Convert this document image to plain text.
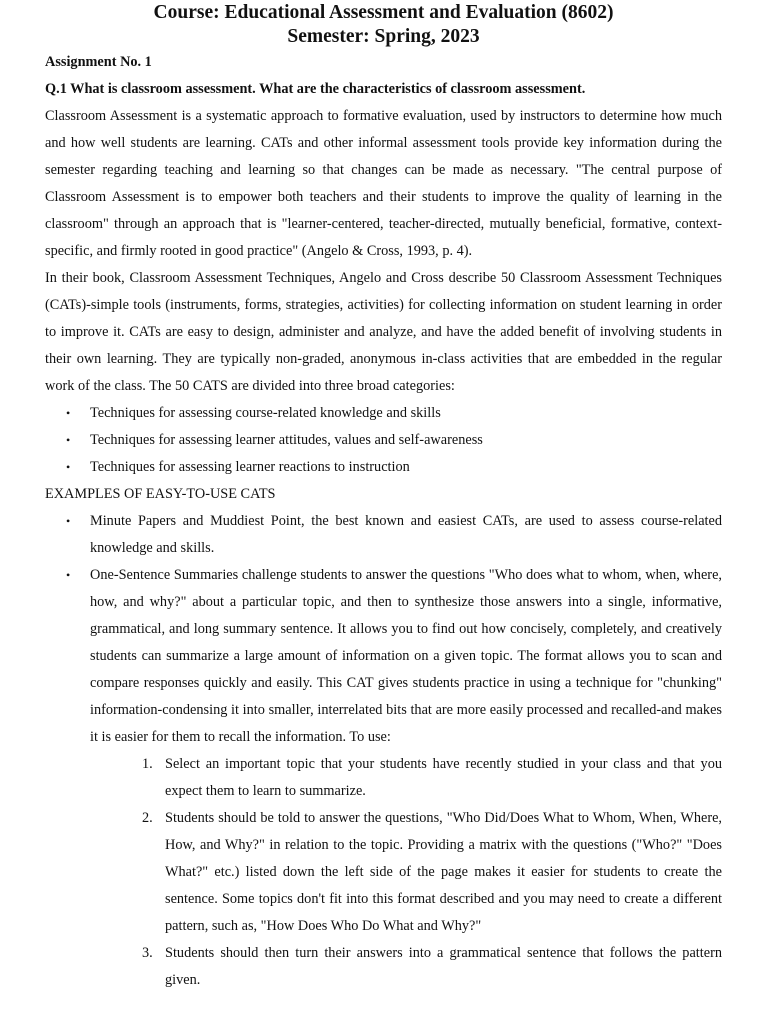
Course: Educational Assessment and Evaluation (8602)

Semester: Spring, 2023

Assignment No. 1

Q.1 What is classroom assessment. What are the characteristics of classroom assessment.

Classroom Assessment is a systematic approach to formative evaluation, used by instructors to determine how much and how well students are learning. CATs and other informal assessment tools provide key information during the semester regarding teaching and learning so that changes can be made as necessary. "The central purpose of Classroom Assessment is to empower both teachers and their students to improve the quality of learning in the classroom" through an approach that is "learner-centered, teacher-directed, mutually beneficial, formative, context-specific, and firmly rooted in good practice" (Angelo & Cross, 1993, p. 4).

In their book, Classroom Assessment Techniques, Angelo and Cross describe 50 Classroom Assessment Techniques (CATs)-simple tools (instruments, forms, strategies, activities) for collecting information on student learning in order to improve it. CATs are easy to design, administer and analyze, and have the added benefit of involving students in their own learning. They are typically non-graded, anonymous in-class activities that are embedded in the regular work of the class. The 50 CATS are divided into three broad categories:

• Techniques for assessing course-related knowledge and skills
• Techniques for assessing learner attitudes, values and self-awareness
• Techniques for assessing learner reactions to instruction

EXAMPLES OF EASY-TO-USE CATS

• Minute Papers and Muddiest Point, the best known and easiest CATs, are used to assess course-related knowledge and skills.
• One-Sentence Summaries challenge students to answer the questions "Who does what to whom, when, where, how, and why?" about a particular topic, and then to synthesize those answers into a single, informative, grammatical, and long summary sentence. It allows you to find out how concisely, completely, and creatively students can summarize a large amount of information on a given topic. The format allows you to scan and compare responses quickly and easily. This CAT gives students practice in using a technique for "chunking" information-condensing it into smaller, interrelated bits that are more easily processed and recalled-and makes it is easier for them to recall the information. To use:
1. Select an important topic that your students have recently studied in your class and that you expect them to learn to summarize.
2. Students should be told to answer the questions, "Who Did/Does What to Whom, When, Where, How, and Why?" in relation to the topic. Providing a matrix with the questions ("Who?" "Does What?" etc.) listed down the left side of the page makes it easier for students to create the sentence. Some topics don't fit into this format described and you may need to create a different pattern, such as, "How Does Who Do What and Why?"
3. Students should then turn their answers into a grammatical sentence that follows the pattern given.
